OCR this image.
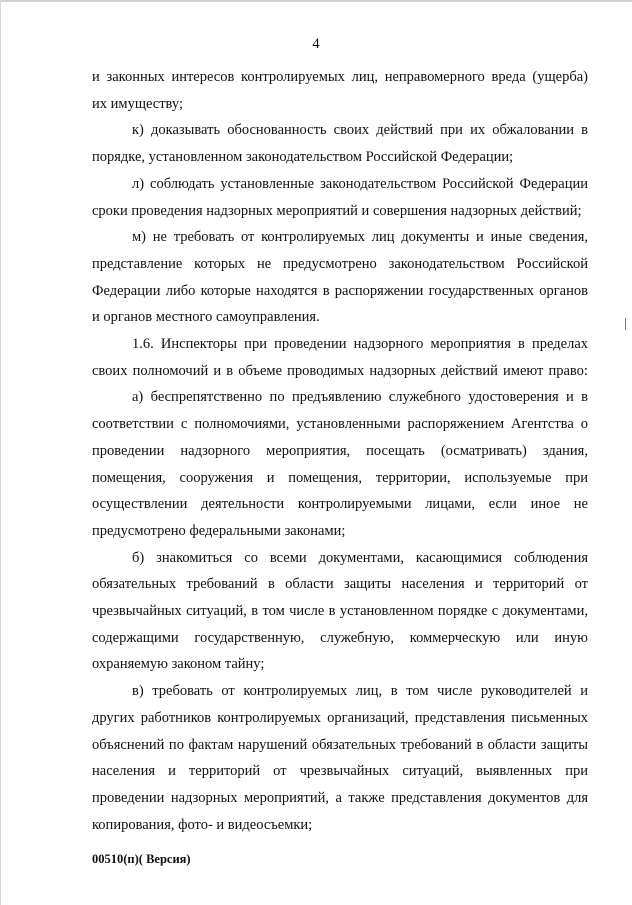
4

и законных интересов контролируемых лиц, неправомерного вреда (ущерба)
их имуществу;

к) доказывать обоснованность своих действий при их обжаловании в
порядке, установленном законодательством Российской Федерации;

л) соблюдать установленные законодательством Российской Федерации
сроки проведения надзорных мероприятий и совершения надзорных действий;

м) не требовать от контролируемых лиц документы и иные сведения,
представление которых не предусмотрено законодательством Российской
Федерации либо которые находятся в распоряжении государственных органов
и органов местного самоуправления.

1.6. Инспекторы при проведении надзорного мероприятия в пределах
своих полномочий и в объеме проводимых надзорных действий имеют право:

а) беспрепятственно по предъявлению служебного удостоверения и в
соответствии с полномочиями, установленными распоряжением Агентства о
проведении надзорного мероприятия, посещать (осматривать) здания,
помещения, сооружения и помещения, территории, используемые при
осуществлении деятельности контролируемыми лицами, если иное не
предусмотрено федеральными законами;

б) знакомиться со всеми документами, касающимися соблюдения
обязательных требований в области защиты населения и территорий от
чрезвычайных ситуаций, в том числе в установленном порядке с документами,
содержащими государственную, служебную, коммерческую или иную
охраняемую законом тайну;

в) требовать от контролируемых лиц, в том числе руководителей и
других работников контролируемых организаций, представления письменных
объяснений по фактам нарушений обязательных требований в области защиты
населения и территорий от чрезвычайных ситуаций, выявленных при
проведении надзорных мероприятий, а также представления документов для
копирования, фото- и видеосъемки;

00510(п)( Версия)
